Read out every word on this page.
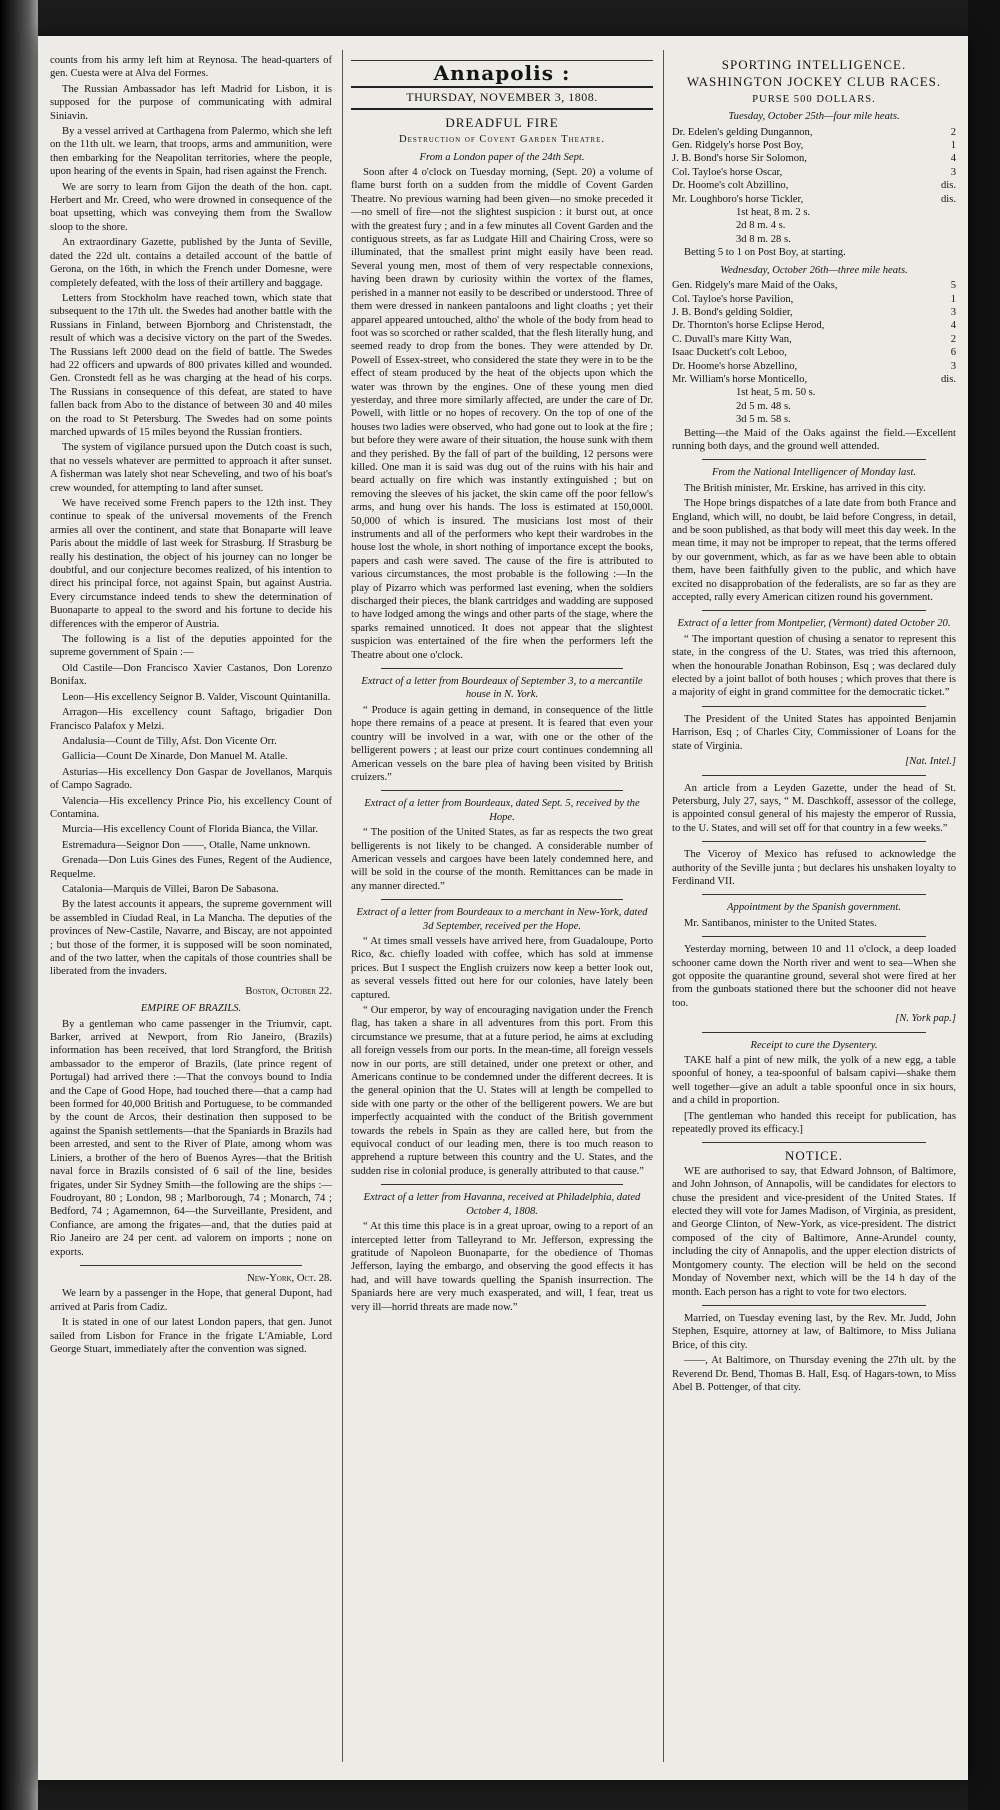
counts from his army left him at Reynosa. The head-quarters of gen. Cuesta were at Alva del Formes.

The Russian Ambassador has left Madrid for Lisbon, it is supposed for the purpose of communicating with admiral Siniavin.

By a vessel arrived at Carthagena from Palermo, which she left on the 11th ult. we learn, that troops, arms and ammunition, were then embarking for the Neapolitan territories, where the people, upon hearing of the events in Spain, had risen against the French.

We are sorry to learn from Gijon the death of the hon. capt. Herbert and Mr. Creed, who were drowned in consequence of the boat upsetting, which was conveying them from the Swallow sloop to the shore.

An extraordinary Gazette, published by the Junta of Seville, dated the 22d ult. contains a detailed account of the battle of Gerona, on the 16th, in which the French under Domesne, were completely defeated, with the loss of their artillery and baggage.

Letters from Stockholm have reached town, which state that subsequent to the 17th ult. the Swedes had another battle with the Russians in Finland, between Bjornborg and Christenstadt, the result of which was a decisive victory on the part of the Swedes. The Russians left 2000 dead on the field of battle. The Swedes had 22 officers and upwards of 800 privates killed and wounded. Gen. Cronstedt fell as he was charging at the head of his corps. The Russians in consequence of this defeat, are stated to have fallen back from Abo to the distance of between 30 and 40 miles on the road to St Petersburg. The Swedes had on some points marched upwards of 15 miles beyond the Russian frontiers.

The system of vigilance pursued upon the Dutch coast is such, that no vessels whatever are permitted to approach it after sunset. A fisherman was lately shot near Scheveling, and two of his boat's crew wounded, for attempting to land after sunset.

We have received some French papers to the 12th inst. They continue to speak of the universal movements of the French armies all over the continent, and state that Bonaparte will leave Paris about the middle of last week for Strasburg. If Strasburg be really his destination, the object of his journey can no longer be doubtful, and our conjecture becomes realized, of his intention to direct his principal force, not against Spain, but against Austria. Every circumstance indeed tends to shew the determination of Buonaparte to appeal to the sword and his fortune to decide his differences with the emperor of Austria.

The following is a list of the deputies appointed for the supreme government of Spain :—

Old Castile—Don Francisco Xavier Castanos, Don Lorenzo Bonifax.

Leon—His excellency Seignor B. Valder, Viscount Quintanilla.

Arragon—His excellency count Saftago, brigadier Don Francisco Palafox y Melzi.

Andalusia—Count de Tilly, Afst. Don Vicente Orr.

Gallicia—Count De Xinarde, Don Manuel M. Atalle.

Asturias—His excellency Don Gaspar de Jovellanos, Marquis of Campo Sagrado.

Valencia—His excellency Prince Pio, his excellency Count of Contamina.

Murcia—His excellency Count of Florida Bianca, the Villar.

Estremadura—Seignor Don ——, Otalle, Name unknown.

Grenada—Don Luis Gines des Funes, Regent of the Audience, Requelme.

Catalonia—Marquis de Villei, Baron De Sabasona.

By the latest accounts it appears, the supreme government will be assembled in Ciudad Real, in La Mancha. The deputies of the provinces of New-Castile, Navarre, and Biscay, are not appointed ; but those of the former, it is supposed will be soon nominated, and of the two latter, when the capitals of those countries shall be liberated from the invaders.

Boston, October 22.
EMPIRE OF BRAZILS.

By a gentleman who came passenger in the Triumvir, capt. Barker, arrived at Newport, from Rio Janeiro, (Brazils) information has been received, that lord Strangford, the British ambassador to the emperor of Brazils, (late prince regent of Portugal) had arrived there :—That the convoys bound to India and the Cape of Good Hope, had touched there—that a camp had been formed for 40,000 British and Portuguese, to be commanded by the count de Arcos, their destination then supposed to be against the Spanish settlements—that the Spaniards in Brazils had been arrested, and sent to the River of Plate, among whom was Liniers, a brother of the hero of Buenos Ayres—that the British naval force in Brazils consisted of 6 sail of the line, besides frigates, under Sir Sydney Smith—the following are the ships :—Foudroyant, 80 ; London, 98 ; Marlborough, 74 ; Monarch, 74 ; Bedford, 74 ; Agamemnon, 64—the Surveillante, President, and Confiance, are among the frigates—and, that the duties paid at Rio Janeiro are 24 per cent. ad valorem on imports ; none on exports.

New-York, Oct. 28.

We learn by a passenger in the Hope, that general Dupont, had arrived at Paris from Cadiz.

It is stated in one of our latest London papers, that gen. Junot sailed from Lisbon for France in the frigate L'Amiable, Lord George Stuart, immediately after the convention was signed.

Annapolis :
THURSDAY, NOVEMBER 3, 1808.
DREADFUL FIRE
Destruction of Covent Garden Theatre.
From a London paper of the 24th Sept.

Soon after 4 o'clock on Tuesday morning, (Sept. 20) a volume of flame burst forth on a sudden from the middle of Covent Garden Theatre. No previous warning had been given—no smoke preceded it—no smell of fire—not the slightest suspicion : it burst out, at once with the greatest fury ; and in a few minutes all Covent Garden and the contiguous streets, as far as Ludgate Hill and Chairing Cross, were so illuminated, that the smallest print might easily have been read. Several young men, most of them of very respectable connexions, having been drawn by curiosity within the vortex of the flames, perished in a manner not easily to be described or understood. Three of them were dressed in nankeen pantaloons and light cloaths ; yet their apparel appeared untouched, altho' the whole of the body from head to foot was so scorched or rather scalded, that the flesh literally hung, and seemed ready to drop from the bones. They were attended by Dr. Powell of Essex-street, who considered the state they were in to be the effect of steam produced by the heat of the objects upon which the water was thrown by the engines. One of these young men died yesterday, and three more similarly affected, are under the care of Dr. Powell, with little or no hopes of recovery. On the top of one of the houses two ladies were observed, who had gone out to look at the fire ; but before they were aware of their situation, the house sunk with them and they perished. By the fall of part of the building, 12 persons were killed. One man it is said was dug out of the ruins with his hair and beard actually on fire which was instantly extinguished ; but on removing the sleeves of his jacket, the skin came off the poor fellow's arms, and hung over his hands. The loss is estimated at 150,000l. 50,000 of which is insured. The musicians lost most of their instruments and all of the performers who kept their wardrobes in the house lost the whole, in short nothing of importance except the books, papers and cash were saved. The cause of the fire is attributed to various circumstances, the most probable is the following :—In the play of Pizarro which was performed last evening, when the soldiers discharged their pieces, the blank cartridges and wadding are supposed to have lodged among the wings and other parts of the stage, where the sparks remained unnoticed. It does not appear that the slightest suspicion was entertained of the fire when the performers left the Theatre about one o'clock.

Extract of a letter from Bourdeaux of September 3, to a mercantile house in N. York.

“ Produce is again getting in demand, in consequence of the little hope there remains of a peace at present. It is feared that even your country will be involved in a war, with one or the other of the belligerent powers ; at least our prize court continues condemning all American vessels on the bare plea of having been visited by British cruizers.”

Extract of a letter from Bourdeaux, dated Sept. 5, received by the Hope.

“ The position of the United States, as far as respects the two great belligerents is not likely to be changed. A considerable number of American vessels and cargoes have been lately condemned here, and will be sold in the course of the month. Remittances can be made in any manner directed.”

Extract of a letter from Bourdeaux to a merchant in New-York, dated 3d September, received per the Hope.

“ At times small vessels have arrived here, from Guadaloupe, Porto Rico, &c. chiefly loaded with coffee, which has sold at immense prices. But I suspect the English cruizers now keep a better look out, as several vessels fitted out here for our colonies, have lately been captured.

“ Our emperor, by way of encouraging navigation under the French flag, has taken a share in all adventures from this port. From this circumstance we presume, that at a future period, he aims at excluding all foreign vessels from our ports. In the mean-time, all foreign vessels now in our ports, are still detained, under one pretext or other, and Americans continue to be condemned under the different decrees. It is the general opinion that the U. States will at length be compelled to side with one party or the other of the belligerent powers. We are but imperfectly acquainted with the conduct of the British government towards the rebels in Spain as they are called here, but from the equivocal conduct of our leading men, there is too much reason to apprehend a rupture between this country and the U. States, and the sudden rise in colonial produce, is generally attributed to that cause.”

Extract of a letter from Havanna, received at Philadelphia, dated October 4, 1808.

“ At this time this place is in a great uproar, owing to a report of an intercepted letter from Talleyrand to Mr. Jefferson, expressing the gratitude of Napoleon Buonaparte, for the obedience of Thomas Jefferson, laying the embargo, and observing the good effects it has had, and will have towards quelling the Spanish insurrection. The Spaniards here are very much exasperated, and will, I fear, treat us very ill—horrid threats are made now.”

SPORTING INTELLIGENCE.
WASHINGTON JOCKEY CLUB RACES.
PURSE 500 DOLLARS.
Tuesday, October 25th—four mile heats.
Dr. Edelen's gelding Dungannon,	2
Gen. Ridgely's horse Post Boy,	1
J. B. Bond's horse Sir Solomon,	4
Col. Tayloe's horse Oscar,	3
Dr. Hoome's colt Abzillino,	dis.
Mr. Loughboro's horse Tickler,	dis.
1st heat, 8 m. 2 s.
2d 8 m. 4 s.
3d 8 m. 28 s.

Betting 5 to 1 on Post Boy, at starting.

Wednesday, October 26th—three mile heats.
Gen. Ridgely's mare Maid of the Oaks,	5
Col. Tayloe's horse Pavilion,	1
J. B. Bond's gelding Soldier,	3
Dr. Thornton's horse Eclipse Herod,	4
C. Duvall's mare Kitty Wan,	2
Isaac Duckett's colt Leboo,	6
Dr. Hoome's horse Abzellino,	3
Mr. William's horse Monticello,	dis.
1st heat, 5 m. 50 s.
2d 5 m. 48 s.
3d 5 m. 58 s.

Betting—the Maid of the Oaks against the field.—Excellent running both days, and the ground well attended.

From the National Intelligencer of Monday last.

The British minister, Mr. Erskine, has arrived in this city.

The Hope brings dispatches of a late date from both France and England, which will, no doubt, be laid before Congress, in detail, and be soon published, as that body will meet this day week. In the mean time, it may not be improper to repeat, that the terms offered by our government, which, as far as we have been able to obtain them, have been faithfully given to the public, and which have excited no disapprobation of the federalists, are so far as they are accepted, rally every American citizen round his government.

Extract of a letter from Montpelier, (Vermont) dated October 20.

“ The important question of chusing a senator to represent this state, in the congress of the U. States, was tried this afternoon, when the honourable Jonathan Robinson, Esq ; was declared duly elected by a joint ballot of both houses ; which proves that there is a majority of eight in grand committee for the democratic ticket.”

The President of the United States has appointed Benjamin Harrison, Esq ; of Charles City, Commissioner of Loans for the state of Virginia.

[Nat. Intel.]

An article from a Leyden Gazette, under the head of St. Petersburg, July 27, says, “ M. Daschkoff, assessor of the college, is appointed consul general of his majesty the emperor of Russia, to the U. States, and will set off for that country in a few weeks.”

The Viceroy of Mexico has refused to acknowledge the authority of the Seville junta ; but declares his unshaken loyalty to Ferdinand VII.

Appointment by the Spanish government.

Mr. Santibanos, minister to the United States.

Yesterday morning, between 10 and 11 o'clock, a deep loaded schooner came down the North river and went to sea—When she got opposite the quarantine ground, several shot were fired at her from the gunboats stationed there but the schooner did not heave too.

[N. York pap.]
Receipt to cure the Dysentery.

TAKE half a pint of new milk, the yolk of a new egg, a table spoonful of honey, a tea-spoonful of balsam capivi—shake them well together—give an adult a table spoonful once in six hours, and a child in proportion.

[The gentleman who handed this receipt for publication, has repeatedly proved its efficacy.]

NOTICE.

WE are authorised to say, that Edward Johnson, of Baltimore, and John Johnson, of Annapolis, will be candidates for electors to chuse the president and vice-president of the United States. If elected they will vote for James Madison, of Virginia, as president, and George Clinton, of New-York, as vice-president. The district composed of the city of Baltimore, Anne-Arundel county, including the city of Annapolis, and the upper election districts of Montgomery county. The election will be held on the second Monday of November next, which will be the 14 h day of the month. Each person has a right to vote for two electors.

Married, on Tuesday evening last, by the Rev. Mr. Judd, John Stephen, Esquire, attorney at law, of Baltimore, to Miss Juliana Brice, of this city.

——, At Baltimore, on Thursday evening the 27th ult. by the Reverend Dr. Bend, Thomas B. Hall, Esq. of Hagars-town, to Miss Abel B. Pottenger, of that city.
